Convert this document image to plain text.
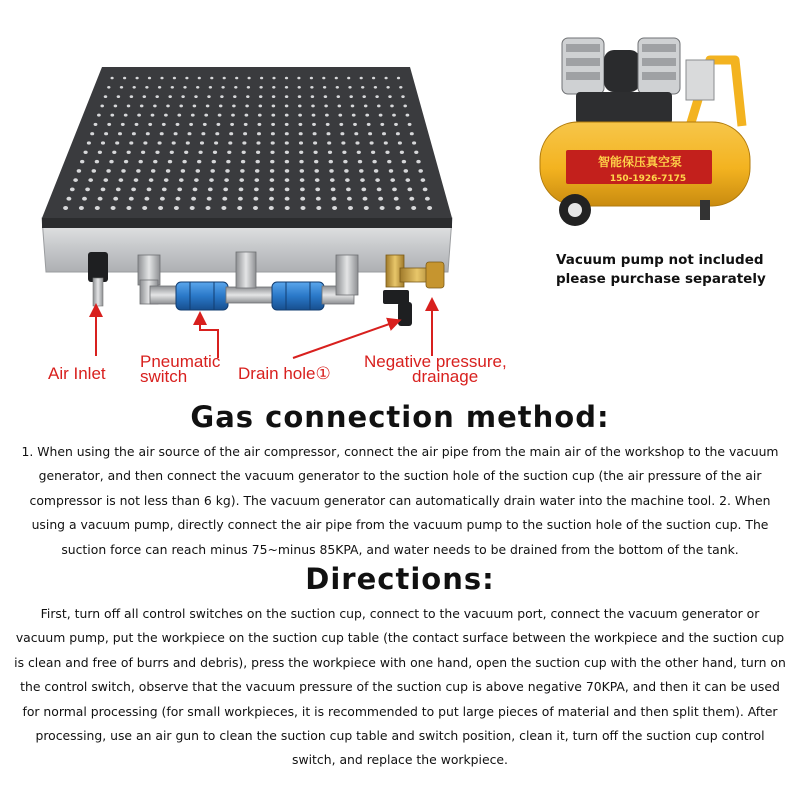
智能保压真空泵
150-1926-7175
Vacuum pump not included
please purchase separately
Air Inlet
Pneumatic
switch	Drain hole①
Negative pressure,
drainage
Gas connection method:

1. When using the air source of the air compressor, connect the air pipe from the main air of the workshop to the vacuum generator, and then connect the vacuum generator to the suction hole of the suction cup (the air pressure of the air compressor is not less than 6 kg). The vacuum generator can automatically drain water into the machine tool. 2. When using a vacuum pump, directly connect the air pipe from the vacuum pump to the suction hole of the suction cup. The suction force can reach minus 75~minus 85KPA, and water needs to be drained from the bottom of the tank.

Directions:

First, turn off all control switches on the suction cup, connect to the vacuum port, connect the vacuum generator or vacuum pump, put the workpiece on the suction cup table (the contact surface between the workpiece and the suction cup is clean and free of burrs and debris), press the workpiece with one hand, open the suction cup with the other hand, turn on the control switch, observe that the vacuum pressure of the suction cup is above negative 70KPA, and then it can be used for normal processing (for small workpieces, it is recommended to put large pieces of material and then split them). After processing, use an air gun to clean the suction cup table and switch position, clean it, turn off the suction cup control switch, and replace the workpiece.
